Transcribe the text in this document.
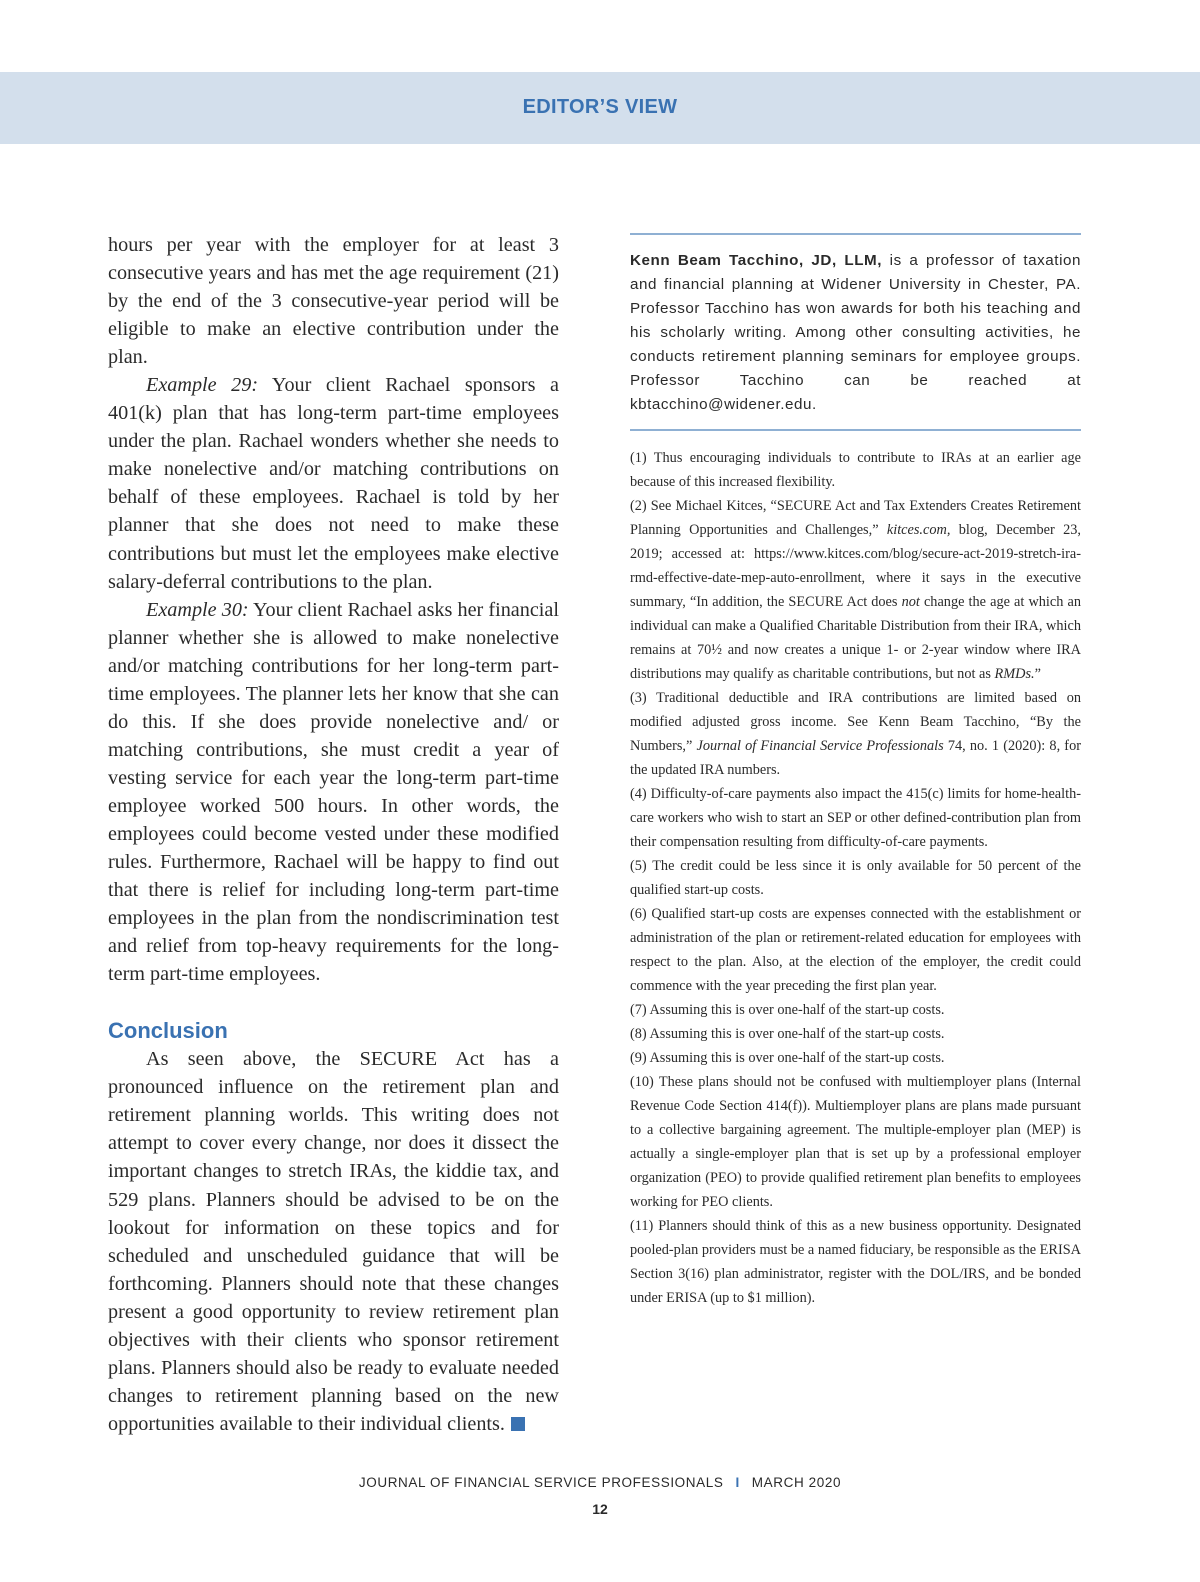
EDITOR’S VIEW

hours per year with the employer for at least 3 consecutive years and has met the age requirement (21) by the end of the 3 consecutive-year period will be eligible to make an elective contribution under the plan.

Example 29: Your client Rachael sponsors a 401(k) plan that has long-term part-time employees under the plan. Rachael wonders whether she needs to make nonelective and/or matching contributions on behalf of these employees. Rachael is told by her planner that she does not need to make these contributions but must let the employees make elective salary-deferral contributions to the plan.

Example 30: Your client Rachael asks her financial planner whether she is allowed to make nonelective and/or matching contributions for her long-term part-time employees. The planner lets her know that she can do this. If she does provide nonelective and/ or matching contributions, she must credit a year of vesting service for each year the long-term part-time employee worked 500 hours. In other words, the employees could become vested under these modified rules. Furthermore, Rachael will be happy to find out that there is relief for including long-term part-time employees in the plan from the nondiscrimination test and relief from top-heavy requirements for the long-term part-time employees.

Conclusion

As seen above, the SECURE Act has a pronounced influence on the retirement plan and retirement planning worlds. This writing does not attempt to cover every change, nor does it dissect the important changes to stretch IRAs, the kiddie tax, and 529 plans. Planners should be advised to be on the lookout for information on these topics and for scheduled and unscheduled guidance that will be forthcoming. Planners should note that these changes present a good opportunity to review retirement plan objectives with their clients who sponsor retirement plans. Planners should also be ready to evaluate needed changes to retirement planning based on the new opportunities available to their individual clients.

Kenn Beam Tacchino, JD, LLM, is a professor of taxation and financial planning at Widener University in Chester, PA. Professor Tacchino has won awards for both his teaching and his scholarly writing. Among other consulting activities, he conducts retirement planning seminars for employee groups. Professor Tacchino can be reached at kbtacchino@widener.edu.

(1) Thus encouraging individuals to contribute to IRAs at an earlier age because of this increased flexibility.

(2) See Michael Kitces, “SECURE Act and Tax Extenders Creates Retirement Planning Opportunities and Challenges,” kitces.com, blog, December 23, 2019; accessed at: https://www.kitces.com/blog/secure-act-2019-stretch-ira-rmd-effective-date-mep-auto-enrollment, where it says in the executive summary, “In addition, the SECURE Act does not change the age at which an individual can make a Qualified Charitable Distribution from their IRA, which remains at 70½ and now creates a unique 1- or 2-year window where IRA distributions may qualify as charitable contributions, but not as RMDs.”

(3) Traditional deductible and IRA contributions are limited based on modified adjusted gross income. See Kenn Beam Tacchino, “By the Numbers,” Journal of Financial Service Professionals 74, no. 1 (2020): 8, for the updated IRA numbers.

(4) Difficulty-of-care payments also impact the 415(c) limits for home-health-care workers who wish to start an SEP or other defined-contribution plan from their compensation resulting from difficulty-of-care payments.

(5) The credit could be less since it is only available for 50 percent of the qualified start-up costs.

(6) Qualified start-up costs are expenses connected with the establishment or administration of the plan or retirement-related education for employees with respect to the plan. Also, at the election of the employer, the credit could commence with the year preceding the first plan year.

(7) Assuming this is over one-half of the start-up costs.

(8) Assuming this is over one-half of the start-up costs.

(9) Assuming this is over one-half of the start-up costs.

(10) These plans should not be confused with multiemployer plans (Internal Revenue Code Section 414(f)). Multiemployer plans are plans made pursuant to a collective bargaining agreement. The multiple-employer plan (MEP) is actually a single-employer plan that is set up by a professional employer organization (PEO) to provide qualified retirement plan benefits to employees working for PEO clients.

(11) Planners should think of this as a new business opportunity. Designated pooled-plan providers must be a named fiduciary, be responsible as the ERISA Section 3(16) plan administrator, register with the DOL/IRS, and be bonded under ERISA (up to $1 million).

JOURNAL OF FINANCIAL SERVICE PROFESSIONALS I MARCH 2020
12
